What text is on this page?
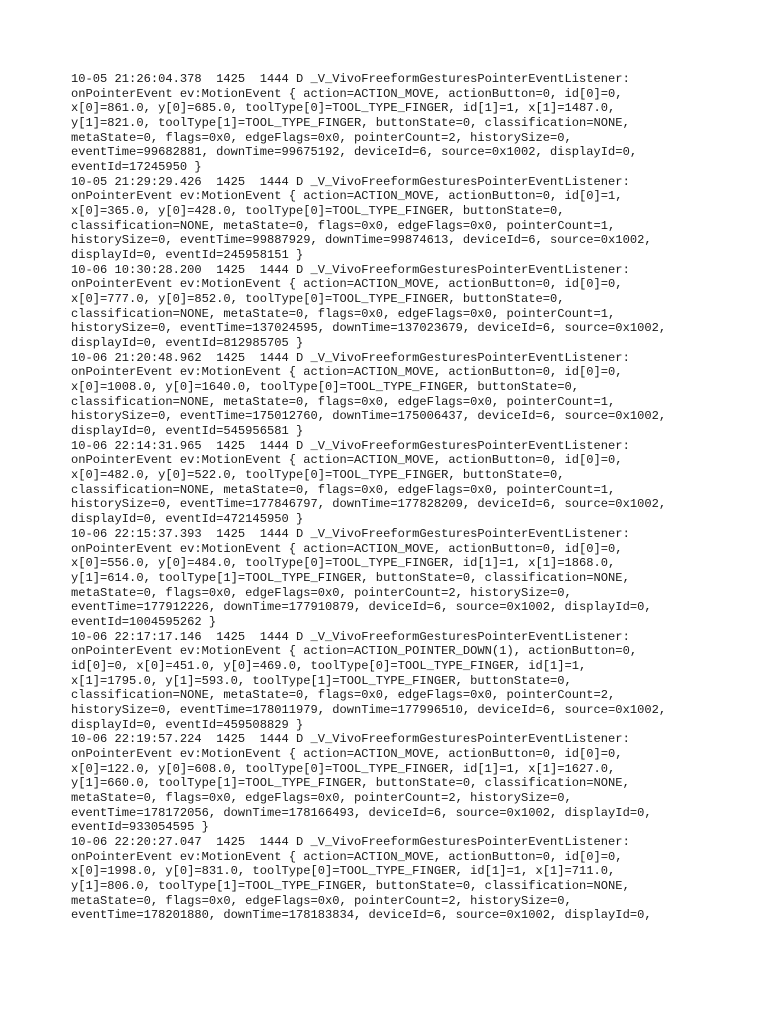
10-05 21:26:04.378  1425  1444 D _V_VivoFreeformGesturesPointerEventListener:
onPointerEvent ev:MotionEvent { action=ACTION_MOVE, actionButton=0, id[0]=0,
x[0]=861.0, y[0]=685.0, toolType[0]=TOOL_TYPE_FINGER, id[1]=1, x[1]=1487.0,
y[1]=821.0, toolType[1]=TOOL_TYPE_FINGER, buttonState=0, classification=NONE,
metaState=0, flags=0x0, edgeFlags=0x0, pointerCount=2, historySize=0,
eventTime=99682881, downTime=99675192, deviceId=6, source=0x1002, displayId=0,
eventId=17245950 }
10-05 21:29:29.426  1425  1444 D _V_VivoFreeformGesturesPointerEventListener:
onPointerEvent ev:MotionEvent { action=ACTION_MOVE, actionButton=0, id[0]=1,
x[0]=365.0, y[0]=428.0, toolType[0]=TOOL_TYPE_FINGER, buttonState=0,
classification=NONE, metaState=0, flags=0x0, edgeFlags=0x0, pointerCount=1,
historySize=0, eventTime=99887929, downTime=99874613, deviceId=6, source=0x1002,
displayId=0, eventId=245958151 }
10-06 10:30:28.200  1425  1444 D _V_VivoFreeformGesturesPointerEventListener:
onPointerEvent ev:MotionEvent { action=ACTION_MOVE, actionButton=0, id[0]=0,
x[0]=777.0, y[0]=852.0, toolType[0]=TOOL_TYPE_FINGER, buttonState=0,
classification=NONE, metaState=0, flags=0x0, edgeFlags=0x0, pointerCount=1,
historySize=0, eventTime=137024595, downTime=137023679, deviceId=6, source=0x1002,
displayId=0, eventId=812985705 }
10-06 21:20:48.962  1425  1444 D _V_VivoFreeformGesturesPointerEventListener:
onPointerEvent ev:MotionEvent { action=ACTION_MOVE, actionButton=0, id[0]=0,
x[0]=1008.0, y[0]=1640.0, toolType[0]=TOOL_TYPE_FINGER, buttonState=0,
classification=NONE, metaState=0, flags=0x0, edgeFlags=0x0, pointerCount=1,
historySize=0, eventTime=175012760, downTime=175006437, deviceId=6, source=0x1002,
displayId=0, eventId=545956581 }
10-06 22:14:31.965  1425  1444 D _V_VivoFreeformGesturesPointerEventListener:
onPointerEvent ev:MotionEvent { action=ACTION_MOVE, actionButton=0, id[0]=0,
x[0]=482.0, y[0]=522.0, toolType[0]=TOOL_TYPE_FINGER, buttonState=0,
classification=NONE, metaState=0, flags=0x0, edgeFlags=0x0, pointerCount=1,
historySize=0, eventTime=177846797, downTime=177828209, deviceId=6, source=0x1002,
displayId=0, eventId=472145950 }
10-06 22:15:37.393  1425  1444 D _V_VivoFreeformGesturesPointerEventListener:
onPointerEvent ev:MotionEvent { action=ACTION_MOVE, actionButton=0, id[0]=0,
x[0]=556.0, y[0]=484.0, toolType[0]=TOOL_TYPE_FINGER, id[1]=1, x[1]=1868.0,
y[1]=614.0, toolType[1]=TOOL_TYPE_FINGER, buttonState=0, classification=NONE,
metaState=0, flags=0x0, edgeFlags=0x0, pointerCount=2, historySize=0,
eventTime=177912226, downTime=177910879, deviceId=6, source=0x1002, displayId=0,
eventId=1004595262 }
10-06 22:17:17.146  1425  1444 D _V_VivoFreeformGesturesPointerEventListener:
onPointerEvent ev:MotionEvent { action=ACTION_POINTER_DOWN(1), actionButton=0,
id[0]=0, x[0]=451.0, y[0]=469.0, toolType[0]=TOOL_TYPE_FINGER, id[1]=1,
x[1]=1795.0, y[1]=593.0, toolType[1]=TOOL_TYPE_FINGER, buttonState=0,
classification=NONE, metaState=0, flags=0x0, edgeFlags=0x0, pointerCount=2,
historySize=0, eventTime=178011979, downTime=177996510, deviceId=6, source=0x1002,
displayId=0, eventId=459508829 }
10-06 22:19:57.224  1425  1444 D _V_VivoFreeformGesturesPointerEventListener:
onPointerEvent ev:MotionEvent { action=ACTION_MOVE, actionButton=0, id[0]=0,
x[0]=122.0, y[0]=608.0, toolType[0]=TOOL_TYPE_FINGER, id[1]=1, x[1]=1627.0,
y[1]=660.0, toolType[1]=TOOL_TYPE_FINGER, buttonState=0, classification=NONE,
metaState=0, flags=0x0, edgeFlags=0x0, pointerCount=2, historySize=0,
eventTime=178172056, downTime=178166493, deviceId=6, source=0x1002, displayId=0,
eventId=933054595 }
10-06 22:20:27.047  1425  1444 D _V_VivoFreeformGesturesPointerEventListener:
onPointerEvent ev:MotionEvent { action=ACTION_MOVE, actionButton=0, id[0]=0,
x[0]=1998.0, y[0]=831.0, toolType[0]=TOOL_TYPE_FINGER, id[1]=1, x[1]=711.0,
y[1]=806.0, toolType[1]=TOOL_TYPE_FINGER, buttonState=0, classification=NONE,
metaState=0, flags=0x0, edgeFlags=0x0, pointerCount=2, historySize=0,
eventTime=178201880, downTime=178183834, deviceId=6, source=0x1002, displayId=0,
